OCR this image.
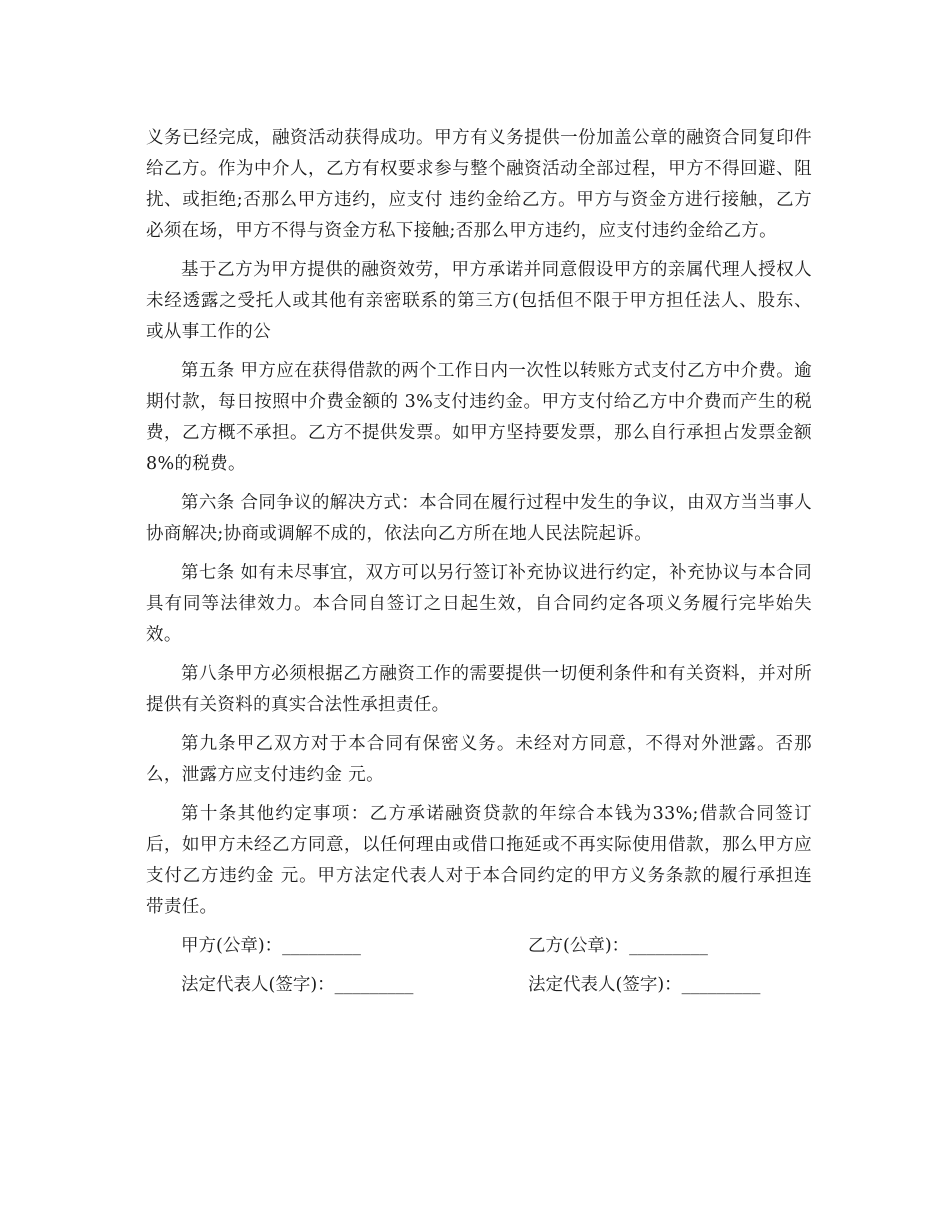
义务已经完成，融资活动获得成功。甲方有义务提供一份加盖公章的融资合同复印件给乙方。作为中介人，乙方有权要求参与整个融资活动全部过程，甲方不得回避、阻扰、或拒绝;否那么甲方违约，应支付 违约金给乙方。甲方与资金方进行接触，乙方必须在场，甲方不得与资金方私下接触;否那么甲方违约，应支付违约金给乙方。

基于乙方为甲方提供的融资效劳，甲方承诺并同意假设甲方的亲属代理人授权人未经透露之受托人或其他有亲密联系的第三方(包括但不限于甲方担任法人、股东、或从事工作的公

第五条 甲方应在获得借款的两个工作日内一次性以转账方式支付乙方中介费。逾期付款，每日按照中介费金额的 3%支付违约金。甲方支付给乙方中介费而产生的税费，乙方概不承担。乙方不提供发票。如甲方坚持要发票，那么自行承担占发票金额 8%的税费。

第六条 合同争议的解决方式：本合同在履行过程中发生的争议，由双方当当事人协商解决;协商或调解不成的，依法向乙方所在地人民法院起诉。

第七条 如有未尽事宜，双方可以另行签订补充协议进行约定，补充协议与本合同具有同等法律效力。本合同自签订之日起生效，自合同约定各项义务履行完毕始失效。

第八条甲方必须根据乙方融资工作的需要提供一切便利条件和有关资料，并对所提供有关资料的真实合法性承担责任。

第九条甲乙双方对于本合同有保密义务。未经对方同意，不得对外泄露。否那么，泄露方应支付违约金 元。

第十条其他约定事项：乙方承诺融资贷款的年综合本钱为33%;借款合同签订后，如甲方未经乙方同意，以任何理由或借口拖延或不再实际使用借款，那么甲方应支付乙方违约金 元。甲方法定代表人对于本合同约定的甲方义务条款的履行承担连带责任。

甲方(公章)：_________	乙方(公章)：_________
法定代表人(签字)：_________	法定代表人(签字)：_________
